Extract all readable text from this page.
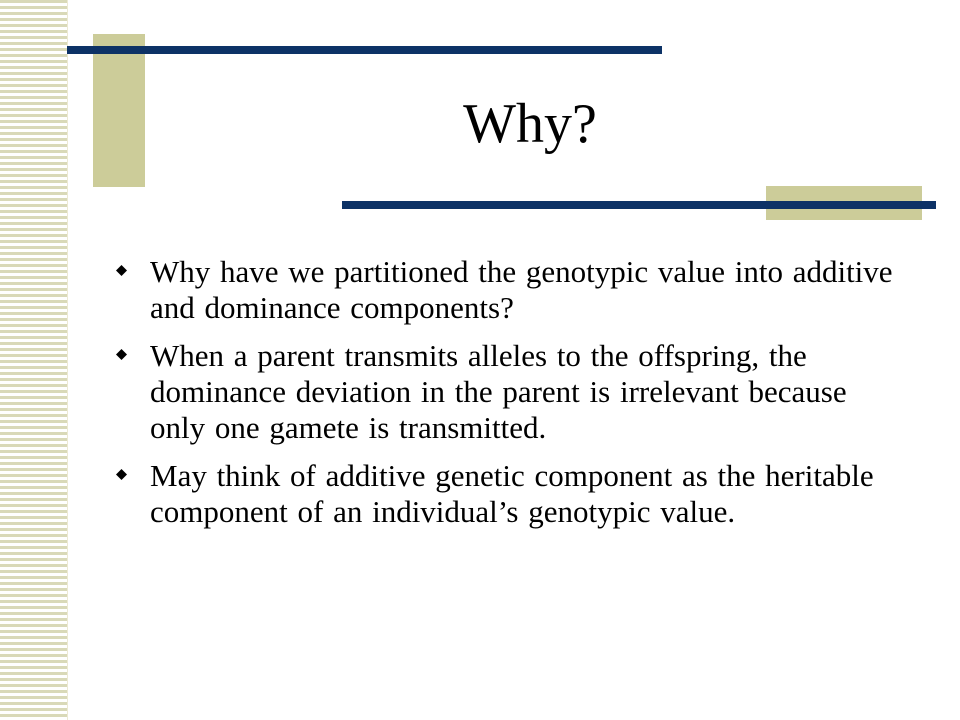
Why?
Why have we partitioned the genotypic value into additive and dominance components?
When a parent transmits alleles to the offspring, the dominance deviation in the parent is irrelevant because only one gamete is transmitted.
May think of additive genetic component as the heritable component of an individual’s genotypic value.
